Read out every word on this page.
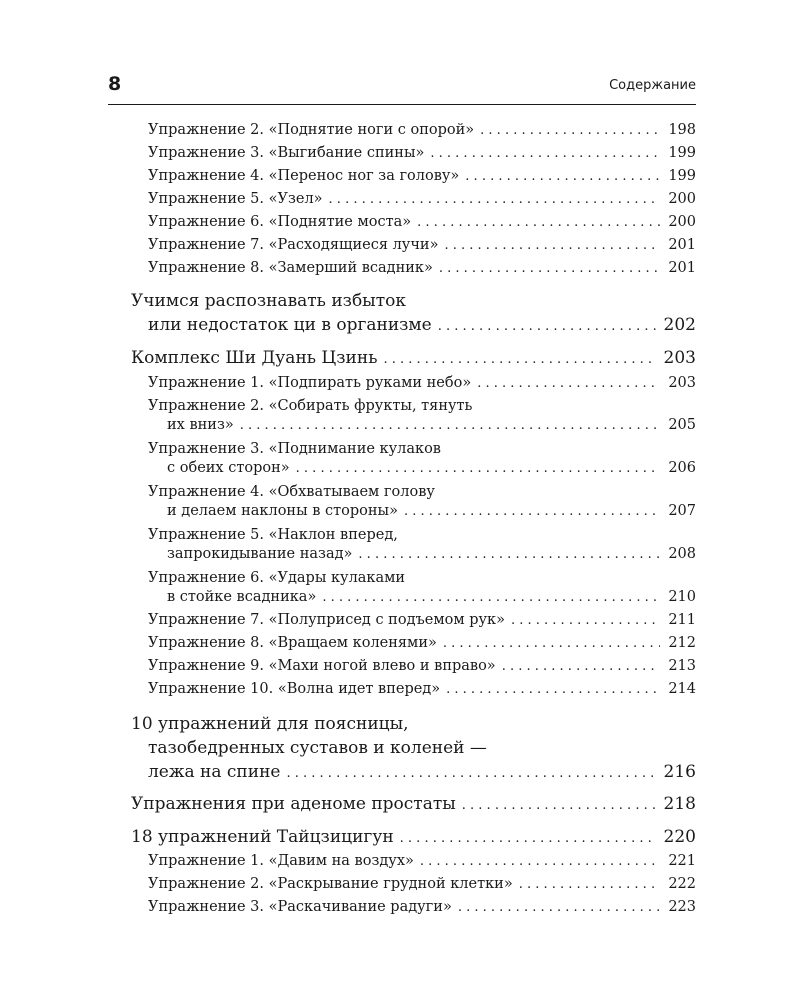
8	Содержание
Упражнение 2. «Поднятие ноги с опорой» . . .	198
Упражнение 3. «Выгибание спины» . . .	199
Упражнение 4. «Перенос ног за голову» . . .	199
Упражнение 5. «Узел» . . .	200
Упражнение 6. «Поднятие моста» . . .	200
Упражнение 7. «Расходящиеся лучи» . . .	201
Упражнение 8. «Замерший всадник» . . .	201
Учимся распознавать избыток
или недостаток ци в организме . . .	202
Комплекс Ши Дуань Цзинь . . .	203
Упражнение 1. «Подпирать руками небо» . . .	203
Упражнение 2. «Собирать фрукты, тянуть
их вниз» . . .	205
Упражнение 3. «Поднимание кулаков
с обеих сторон» . . .	206
Упражнение 4. «Обхватываем голову
и делаем наклоны в стороны» . . .	207
Упражнение 5. «Наклон вперед,
запрокидывание назад» . . .	208
Упражнение 6. «Удары кулаками
в стойке всадника» . . .	210
Упражнение 7. «Полуприсед с подъемом рук» . . .	211
Упражнение 8. «Вращаем коленями» . . .	212
Упражнение 9. «Махи ногой влево и вправо» . . .	213
Упражнение 10. «Волна идет вперед» . . .	214
10 упражнений для поясницы,
тазобедренных суставов и коленей —
лежа на спине . . .	216
Упражнения при аденоме простаты . . .	218
18 упражнений Тайцзицигун . . .	220
Упражнение 1. «Давим на воздух» . . .	221
Упражнение 2. «Раскрывание грудной клетки» . . .	222
Упражнение 3. «Раскачивание радуги» . . .	223
